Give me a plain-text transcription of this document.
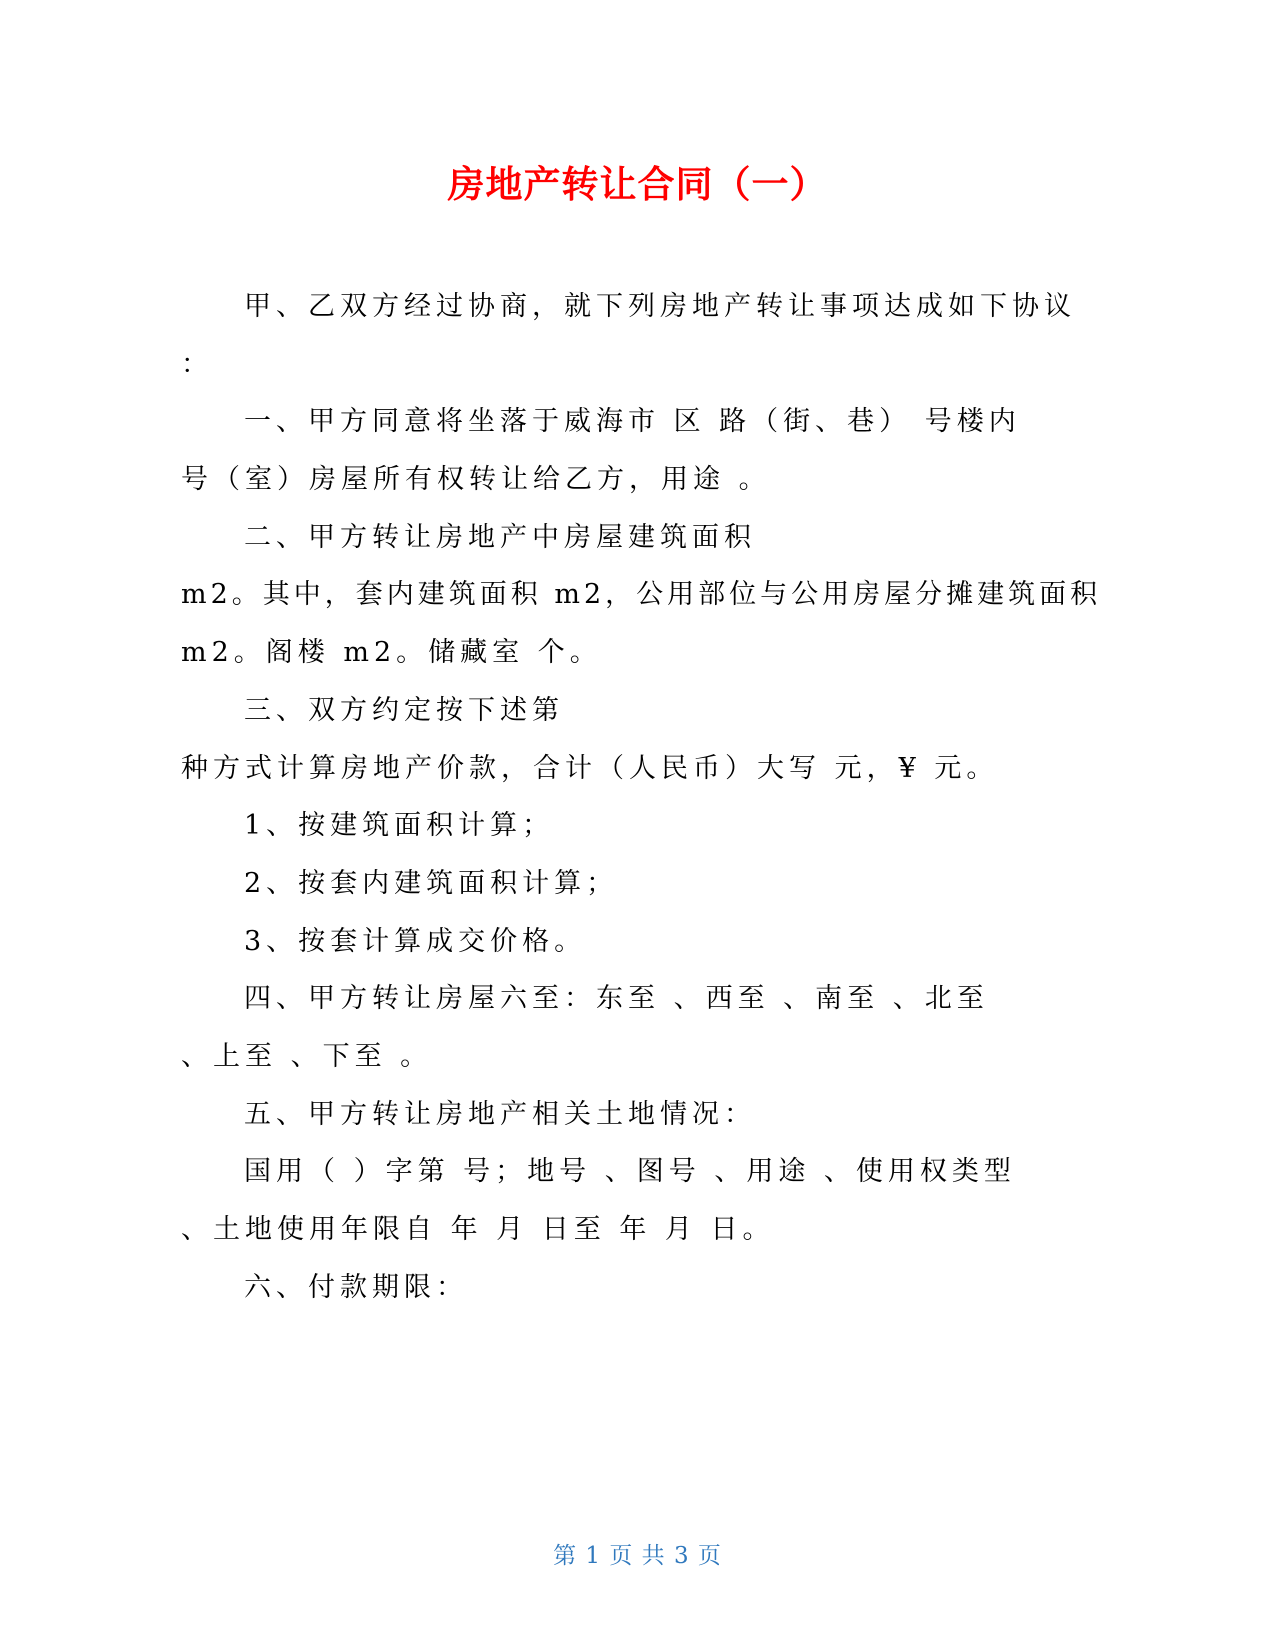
房地产转让合同（一）
甲、乙双方经过协商，就下列房地产转让事项达成如下协议
：
一、甲方同意将坐落于威海市 区 路（街、巷） 号楼内
号（室）房屋所有权转让给乙方，用途 。
二、甲方转让房地产中房屋建筑面积
m2。其中，套内建筑面积 m2，公用部位与公用房屋分摊建筑面积
m2。阁楼 m2。储藏室 个。
三、双方约定按下述第
种方式计算房地产价款，合计（人民币）大写 元，¥ 元。
1、按建筑面积计算；
2、按套内建筑面积计算；
3、按套计算成交价格。
四、甲方转让房屋六至：东至 、西至 、南至 、北至
、上至 、下至 。
五、甲方转让房地产相关土地情况：
国用（ ）字第 号；地号 、图号 、用途 、使用权类型
、土地使用年限自 年 月 日至 年 月 日。
六、付款期限：
第 1 页 共 3 页
